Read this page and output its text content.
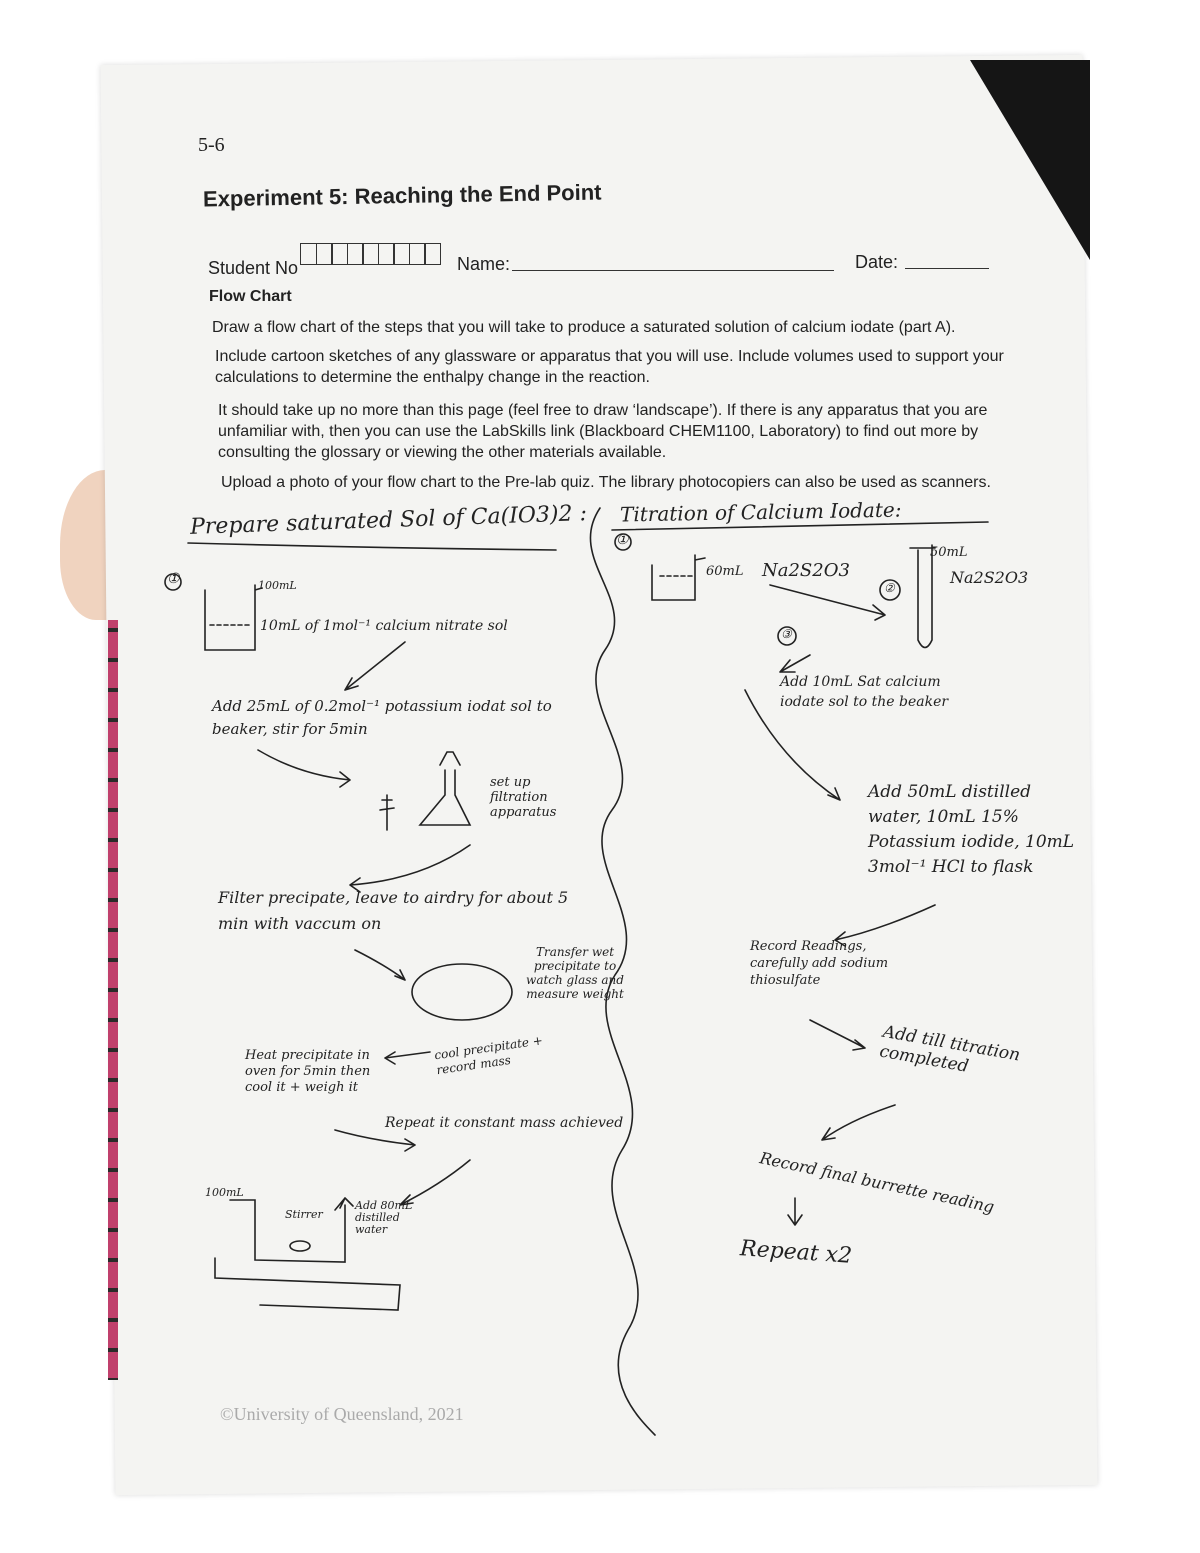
5-6
Experiment 5: Reaching the End Point
Student No	Name:	Date:
Flow Chart
Draw a flow chart of the steps that you will take to produce a saturated solution of calcium iodate (part A).
Include cartoon sketches of any glassware or apparatus that you will use. Include volumes used to support your calculations to determine the enthalpy change in the reaction.
It should take up no more than this page (feel free to draw ‘landscape’). If there is any apparatus that you are unfamiliar with, then you can use the LabSkills link (Blackboard CHEM1100, Laboratory) to find out more by consulting the glossary or viewing the other materials available.
Upload a photo of your flow chart to the Pre-lab quiz. The library photocopiers can also be used as scanners.
Prepare saturated Sol of Ca(IO3)2 :
①	100mL
10mL of 1mol⁻¹ calcium nitrate sol
Add 25mL of 0.2mol⁻¹ potassium iodat sol to beaker, stir for 5min
set up filtration apparatus
Filter precipate, leave to airdry for about 5 min with vaccum on
Transfer wet precipitate to watch glass and measure weight
cool precipitate + record mass
Heat precipitate in oven for 5min then cool it + weigh it
Repeat it constant mass achieved
100mL
Stirrer
Add 80mL distilled water
Titration of Calcium Iodate:
①
60mL Na2S2O3
50mL
Na2S2O3
②
③
Add 10mL Sat calcium iodate sol to the beaker
Add 50mL distilled water, 10mL 15% Potassium iodide, 10mL 3mol⁻¹ HCl to flask
Record Readings, carefully add sodium thiosulfate
Add till titration completed
Record final burrette reading
Repeat x2
©University of Queensland, 2021
